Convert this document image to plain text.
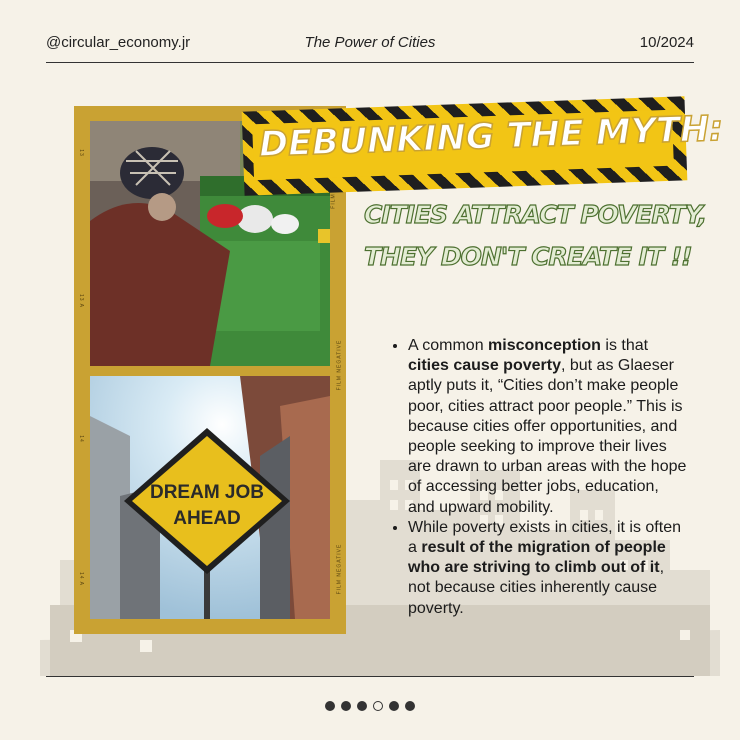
@circular_economy.jr	The Power of Cities	10/2024
13
13 A
14
14 A
FILM
FILM NEGATIVE
FILM NEGATIVE
DREAM JOB
AHEAD
DEBUNKING THE MYTH:
CITIES ATTRACT POVERTY,
THEY DON'T CREATE IT !!
• A common misconception is that cities cause poverty, but as Glaeser aptly puts it, “Cities don’t make people poor, cities attract poor people.” This is because cities offer opportunities, and people seeking to improve their lives are drawn to urban areas with the hope of accessing better jobs, education, and upward mobility.
• While poverty exists in cities, it is often a result of the migration of people who are striving to climb out of it, not because cities inherently cause poverty.
